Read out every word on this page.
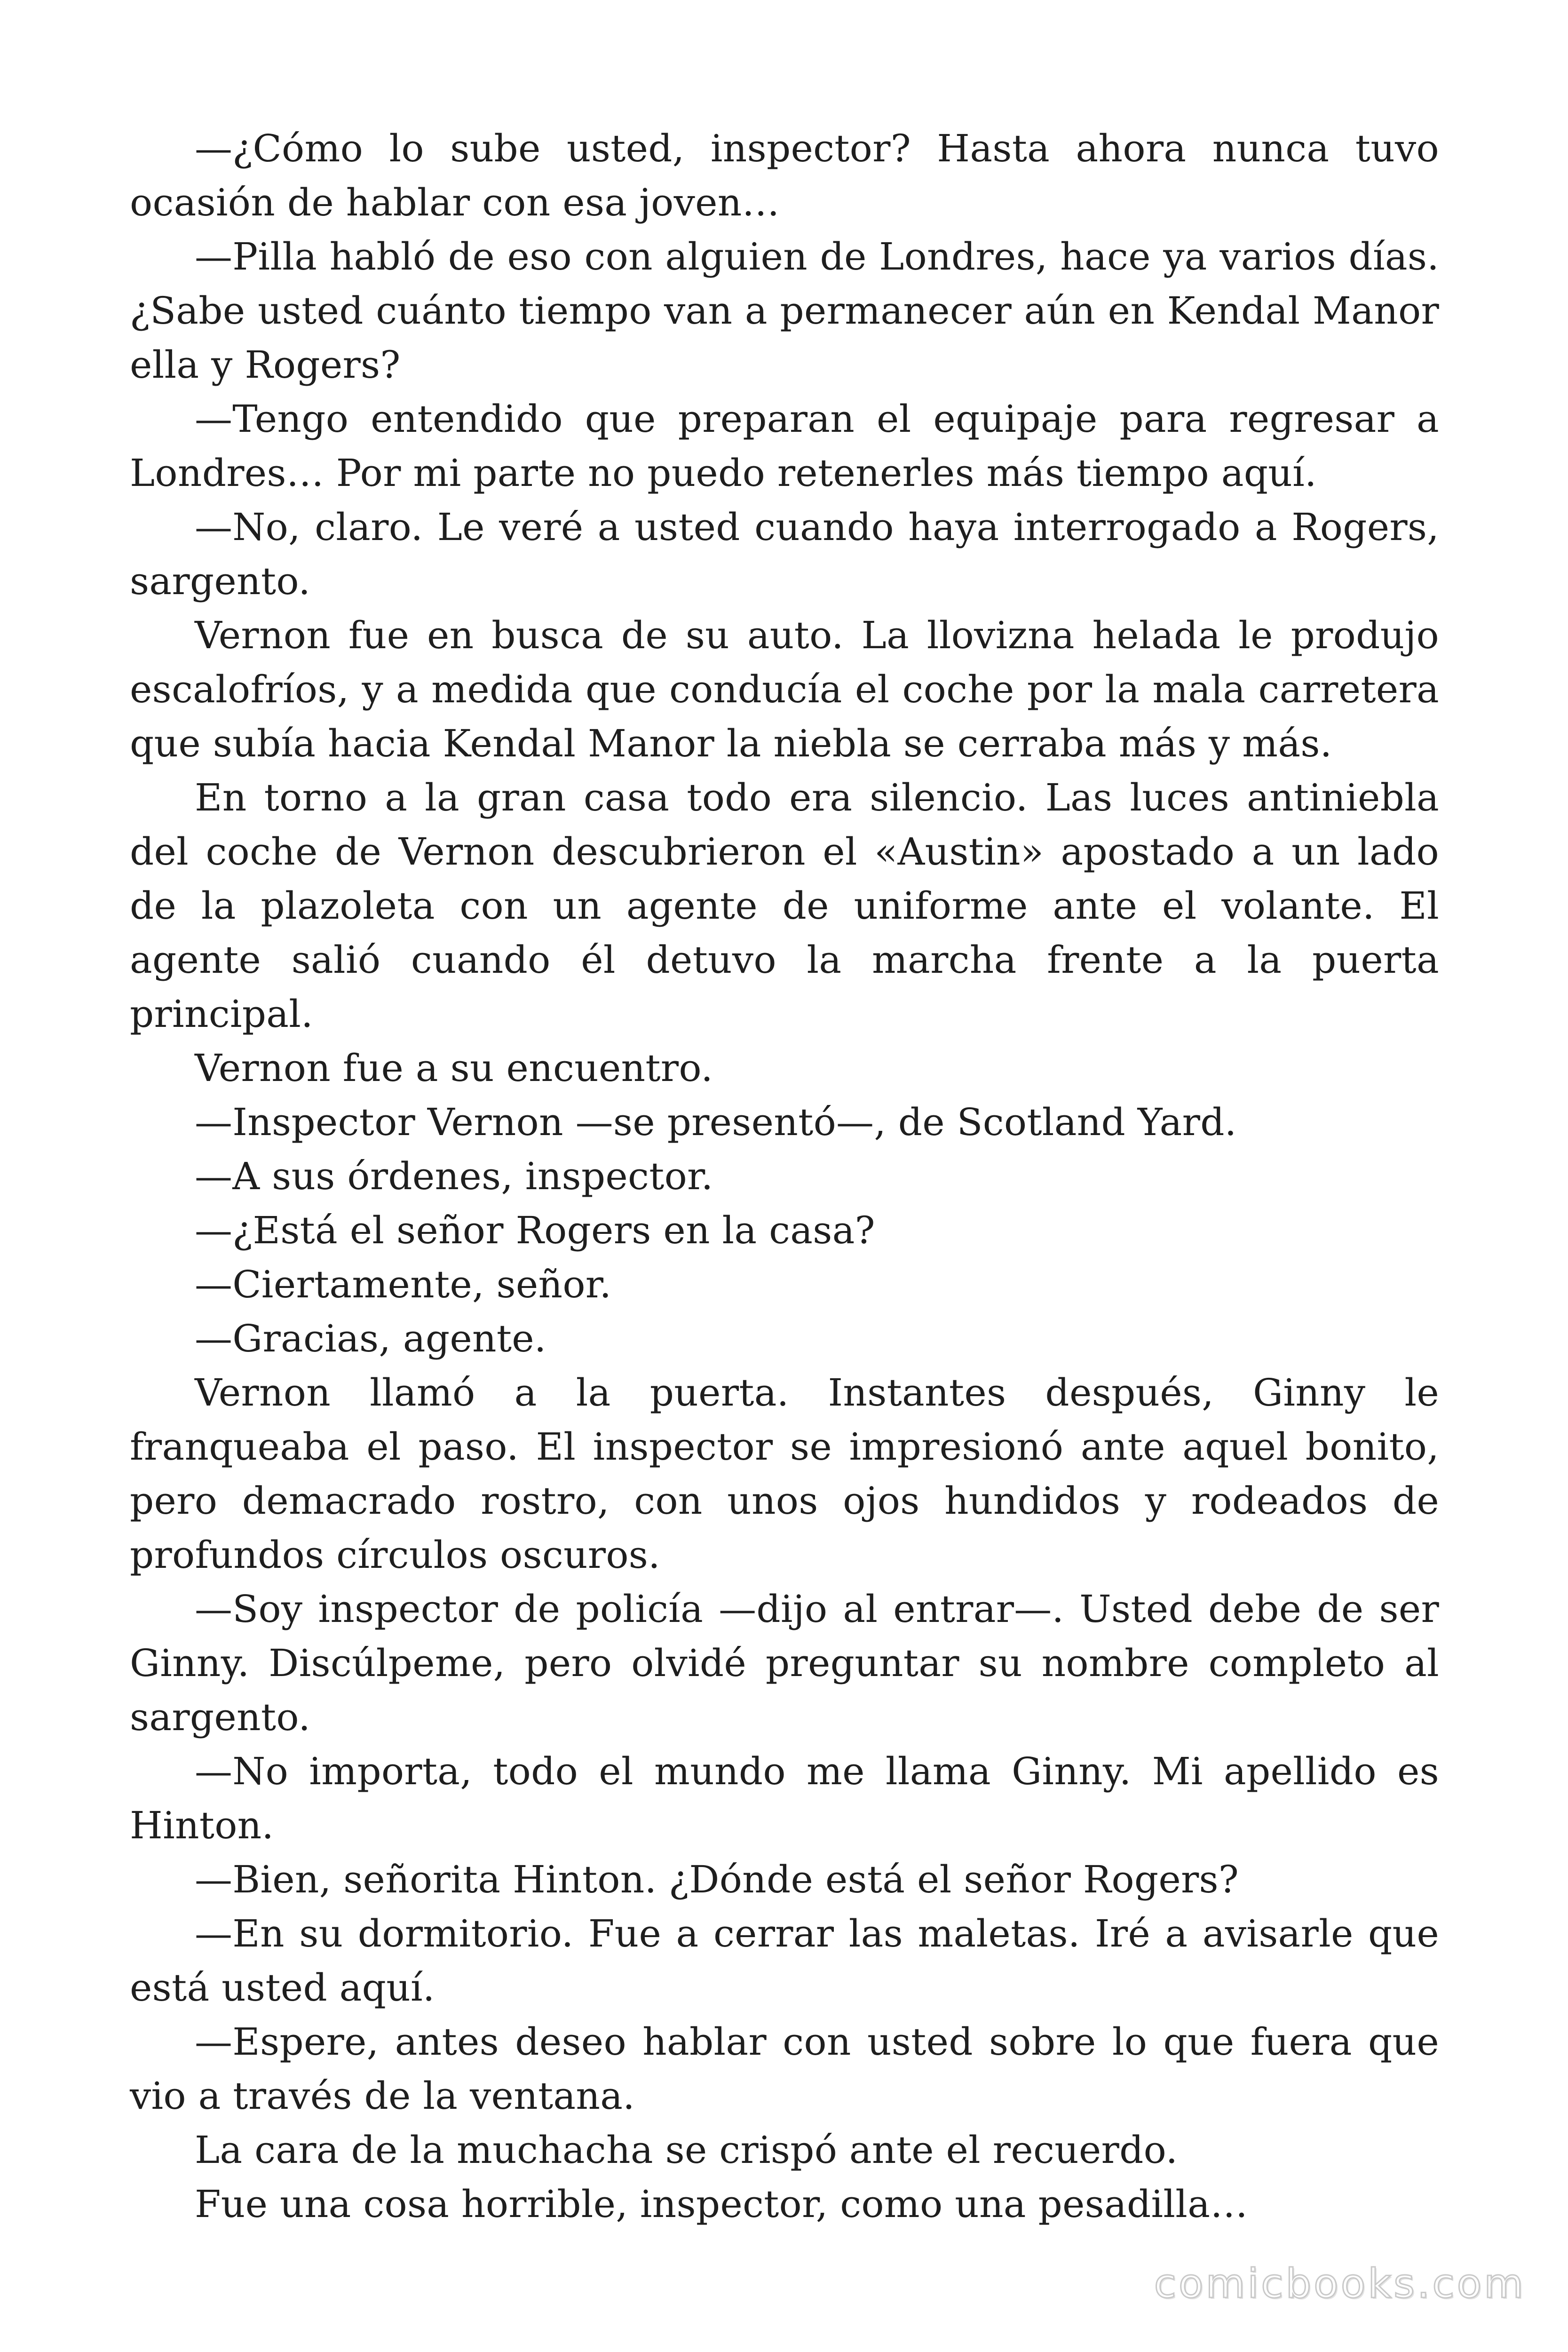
—¿Cómo lo sube usted, inspector? Hasta ahora nunca tuvo ocasión de hablar con esa joven…

—Pilla habló de eso con alguien de Londres, hace ya varios días. ¿Sabe usted cuánto tiempo van a permanecer aún en Kendal Manor ella y Rogers?

—Tengo entendido que preparan el equipaje para regresar a Londres… Por mi parte no puedo retenerles más tiempo aquí.

—No, claro. Le veré a usted cuando haya interrogado a Rogers, sargento.

Vernon fue en busca de su auto. La llovizna helada le produjo escalofríos, y a medida que conducía el coche por la mala carretera que subía hacia Kendal Manor la niebla se cerraba más y más.

En torno a la gran casa todo era silencio. Las luces antiniebla del coche de Vernon descubrieron el «Austin» apostado a un lado de la plazoleta con un agente de uniforme ante el volante. El agente salió cuando él detuvo la marcha frente a la puerta principal.

Vernon fue a su encuentro.

—Inspector Vernon —se presentó—, de Scotland Yard.

—A sus órdenes, inspector.

—¿Está el señor Rogers en la casa?

—Ciertamente, señor.

—Gracias, agente.

Vernon llamó a la puerta. Instantes después, Ginny le franqueaba el paso. El inspector se impresionó ante aquel bonito, pero demacrado rostro, con unos ojos hundidos y rodeados de profundos círculos oscuros.

—Soy inspector de policía —dijo al entrar—. Usted debe de ser Ginny. Discúlpeme, pero olvidé preguntar su nombre completo al sargento.

—No importa, todo el mundo me llama Ginny. Mi apellido es Hinton.

—Bien, señorita Hinton. ¿Dónde está el señor Rogers?

—En su dormitorio. Fue a cerrar las maletas. Iré a avisarle que está usted aquí.

—Espere, antes deseo hablar con usted sobre lo que fuera que vio a través de la ventana.

La cara de la muchacha se crispó ante el recuerdo.

Fue una cosa horrible, inspector, como una pesadilla…

comicbooks.com
